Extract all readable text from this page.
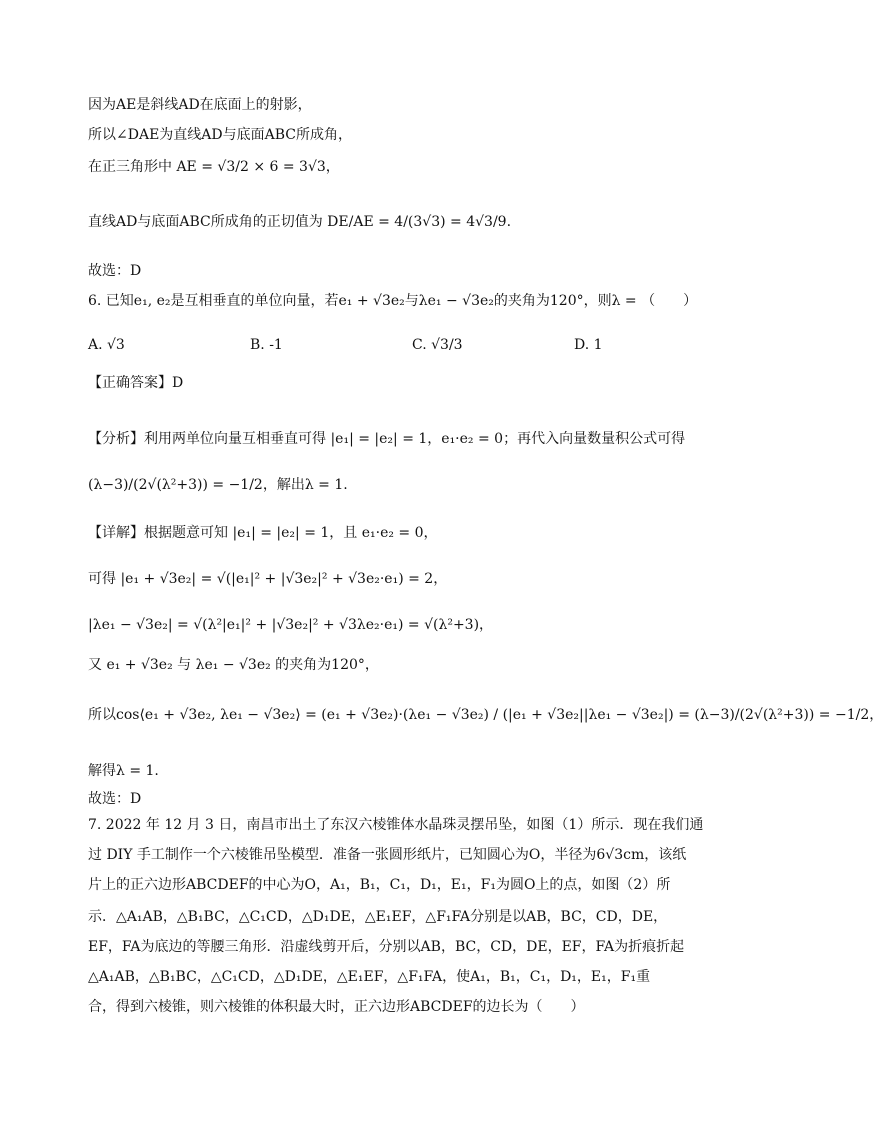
因为AE是斜线AD在底面上的射影，
所以∠DAE为直线AD与底面ABC所成角，
在正三角形中 AE = √3/2 × 6 = 3√3，
直线AD与底面ABC所成角的正切值为 DE/AE = 4/(3√3) = 4√3/9.
故选：D
6. 已知e₁, e₂是互相垂直的单位向量，若e₁ + √3e₂与λe₁ − √3e₂的夹角为120°，则λ = （　　）
A. √3	B. -1	C. √3/3	D. 1
【正确答案】D
【分析】利用两单位向量互相垂直可得 |e₁| = |e₂| = 1，e₁·e₂ = 0；再代入向量数量积公式可得
(λ−3)/(2√(λ²+3)) = −1/2，解出λ = 1.
【详解】根据题意可知 |e₁| = |e₂| = 1，且 e₁·e₂ = 0，
可得 |e₁ + √3e₂| = √(|e₁|² + |√3e₂|² + √3e₂·e₁) = 2，
|λe₁ − √3e₂| = √(λ²|e₁|² + |√3e₂|² + √3λe₂·e₁) = √(λ²+3)，
又 e₁ + √3e₂ 与 λe₁ − √3e₂ 的夹角为120°，
所以cos⟨e₁ + √3e₂, λe₁ − √3e₂⟩ = (e₁ + √3e₂)·(λe₁ − √3e₂) / (|e₁ + √3e₂||λe₁ − √3e₂|) = (λ−3)/(2√(λ²+3)) = −1/2，
解得λ = 1.
故选：D
7. 2022 年 12 月 3 日，南昌市出土了东汉六棱锥体水晶珠灵摆吊坠，如图（1）所示．现在我们通
过 DIY 手工制作一个六棱锥吊坠模型．准备一张圆形纸片，已知圆心为O，半径为6√3cm，该纸
片上的正六边形ABCDEF的中心为O，A₁，B₁，C₁，D₁，E₁，F₁为圆O上的点，如图（2）所
示．△A₁AB，△B₁BC，△C₁CD，△D₁DE，△E₁EF，△F₁FA分别是以AB，BC，CD，DE，
EF，FA为底边的等腰三角形．沿虚线剪开后，分别以AB，BC，CD，DE，EF，FA为折痕折起
△A₁AB，△B₁BC，△C₁CD，△D₁DE，△E₁EF，△F₁FA，使A₁，B₁，C₁，D₁，E₁，F₁重
合，得到六棱锥，则六棱锥的体积最大时，正六边形ABCDEF的边长为（　　）
